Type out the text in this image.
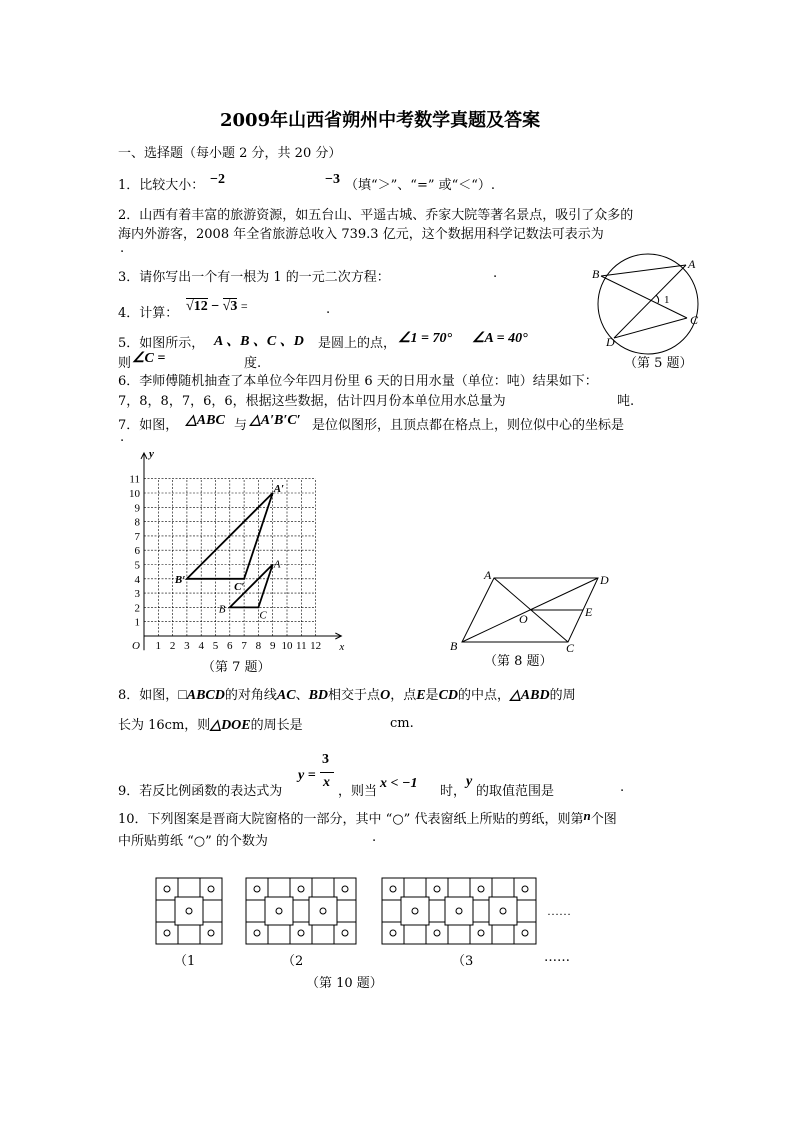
2009年山西省朔州中考数学真题及答案
一、选择题（每小题 2 分，共 20 分）
1．比较大小： −2	−3 （填“＞”、“=” 或“＜“）.
2．山西有着丰富的旅游资源，如五台山、平遥古城、乔家大院等著名景点，吸引了众多的
海内外游客，2008 年全省旅游总收入 739.3 亿元，这个数据用科学记数法可表示为
.
3．请你写出一个有一根为 1 的一元二次方程：	.
4．计算： √12 − √3 =	.
5．如图所示， A 、B 、C 、D 是圆上的点， ∠1 = 70° ∠A = 40°
则 ∠C =	度.
6．李师傅随机抽查了本单位今年四月份里 6 天的日用水量（单位：吨）结果如下：
7，8，8，7，6，6，根据这些数据，估计四月份本单位用水总量为	吨.
7．如图， △ABC 与 △A′B′C′ 是位似图形，且顶点都在格点上，则位似中心的坐标是
.
B
A
C
D
1
（第 5 题）
1
2
3
4
5
6
7
8
9
10
11
1 2 3 4 5 6 7 8 9 10 11 12
O	x
y
A′
B′
C′
A
B	C
（第 7 题）
A	D
B	C
E
O
（第 8 题）
8．如图，□ABCD的对角线AC、BD相交于点O，点E是CD的中点，△ABD的周
长为 16cm，则△DOE的周长是	cm.
9．若反比例函数的表达式为
y =
3
x
，则当
x < −1
时，
y
的取值范围是	.
10．下列图案是晋商大院窗格的一部分，其中 “○” 代表窗纸上所贴的剪纸，则第n个图
中所贴剪纸 “○” 的个数为	.
……
（1	（2	（3	……
（第 10 题）
